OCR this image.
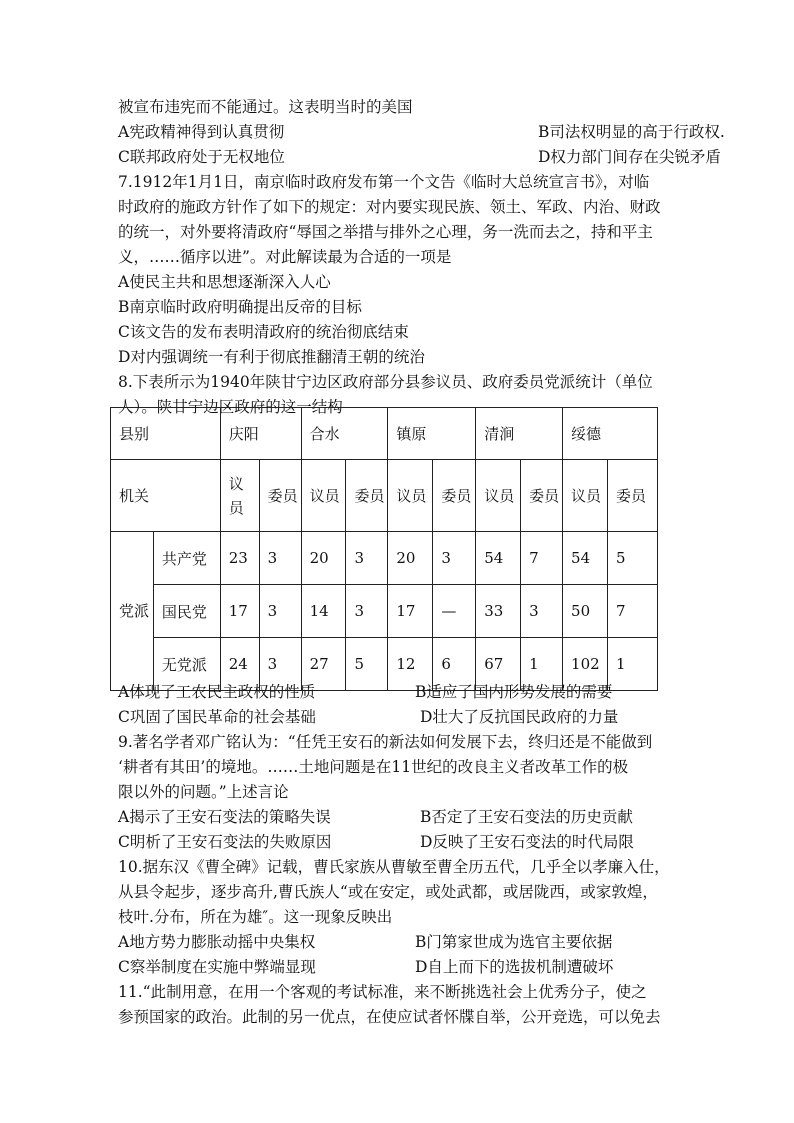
被宣布违宪而不能通过。这表明当时的美国
A宪政精神得到认真贯彻	B司法权明显的高于行政权.
C联邦政府处于无权地位	D权力部门间存在尖锐矛盾
7.1912年1月1日，南京临时政府发布第一个文告《临时大总统宣言书》，对临
时政府的施政方针作了如下的规定：对内要实现民族、领土、军政、内治、财政
的统一，对外要将清政府“辱国之举措与排外之心理，务一洗而去之，持和平主
义，……循序以进”。对此解读最为合适的一项是
A使民主共和思想逐渐深入人心
B南京临时政府明确提出反帝的目标
C该文告的发布表明清政府的统治彻底结束
D对内强调统一有利于彻底推翻清王朝的统治
8.下表所示为1940年陕甘宁边区政府部分县参议员、政府委员党派统计（单位
人）。陕甘宁边区政府的这一结构
县别		庆阳		合水		镇原		清涧		绥德	
机关		议员	委员	议员	委员	议员	委员	议员	委员	议员	委员
党派	共产党	23	3	20	3	20	3	54	7	54	5
	国民党	17	3	14	3	17	—	33	3	50	7
	无党派	24	3	27	5	12	6	67	1	102	1
A体现了工农民主政权的性质	B适应了国内形势发展的需要
C巩固了国民革命的社会基础	D壮大了反抗国民政府的力量
9.著名学者邓广铭认为：“任凭王安石的新法如何发展下去，终归还是不能做到
‘耕者有其田’的境地。……土地问题是在11世纪的改良主义者改革工作的极
限以外的问题。”上述言论
A揭示了王安石变法的策略失误	B否定了王安石变法的历史贡献
C明析了王安石变法的失败原因	D反映了王安石变法的时代局限
10.据东汉《曹全碑》记载，曹氏家族从曹敏至曹全历五代，几乎全以孝廉入仕，
从县令起步，逐步高升,曹氏族人“或在安定，或处武都，或居陇西，或家敦煌，
枝叶.分布，所在为雄″。这一现象反映出
A地方势力膨胀动摇中央集权	B门第家世成为选官主要依据
C察举制度在实施中弊端显现	D自上而下的选拔机制遭破坏
11.“此制用意，在用一个客观的考试标准，来不断挑选社会上优秀分子，使之
参预国家的政治。此制的另一优点，在使应试者怀牒自举，公开竞选，可以免去
